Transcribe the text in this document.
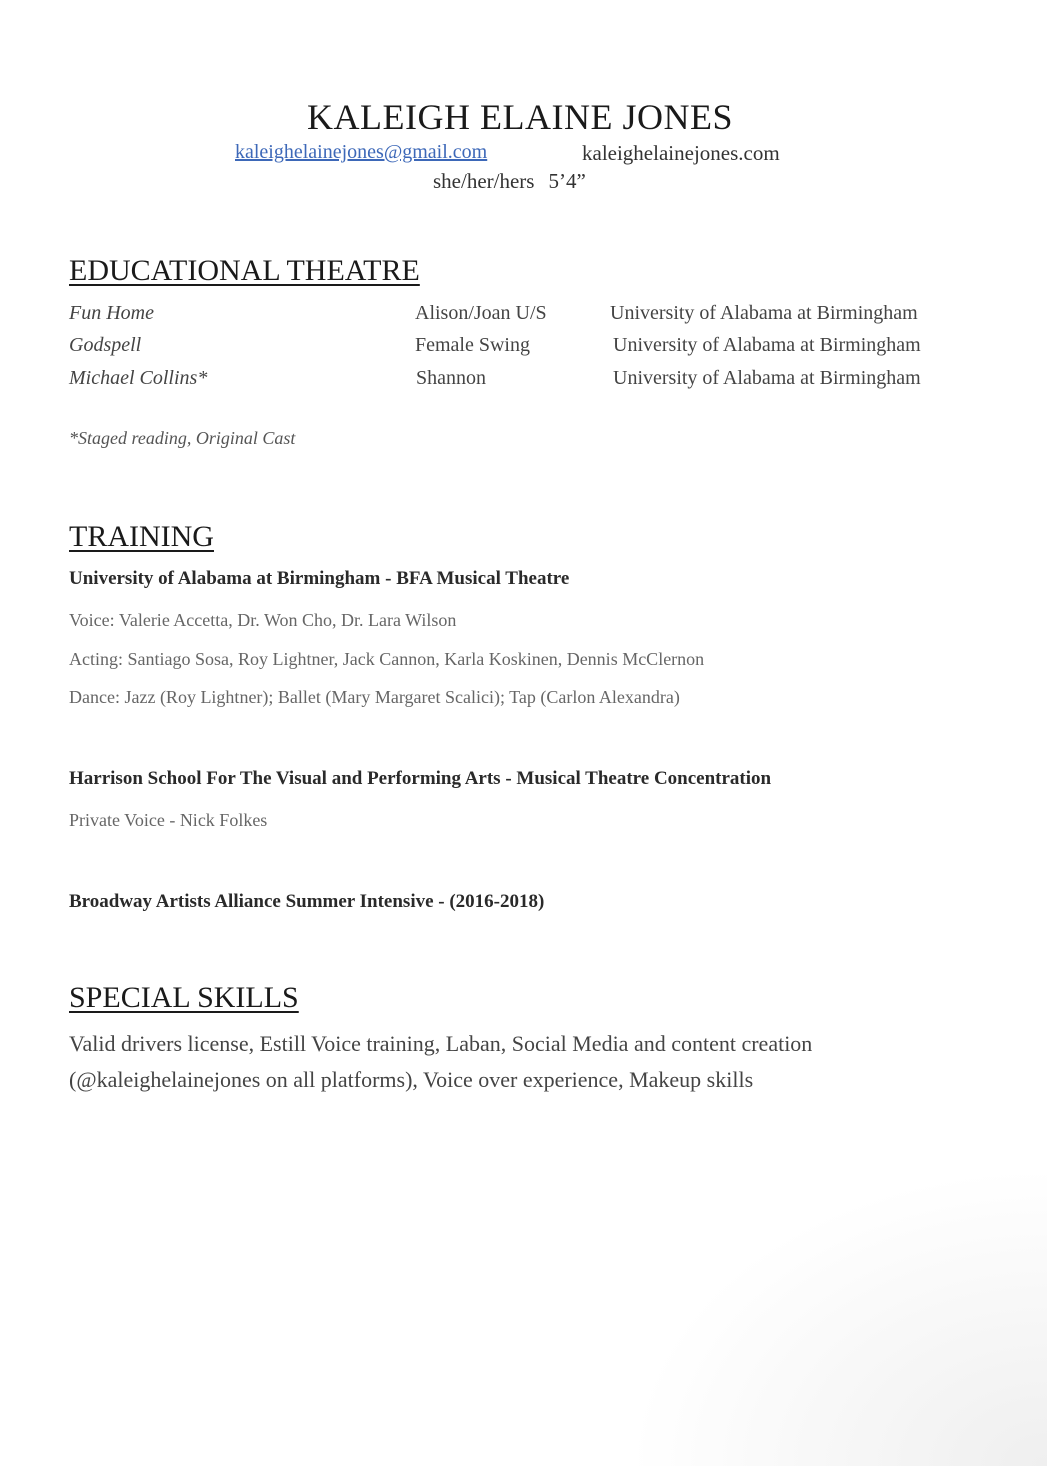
KALEIGH ELAINE JONES
kaleighelainejones@gmail.com	kaleighelainejones.com
she/her/hers 5’4”
EDUCATIONAL THEATRE
Fun Home	Alison/Joan U/S	University of Alabama at Birmingham
Godspell	Female Swing	University of Alabama at Birmingham
Michael Collins*	Shannon	University of Alabama at Birmingham
*Staged reading, Original Cast
TRAINING
University of Alabama at Birmingham - BFA Musical Theatre
Voice: Valerie Accetta, Dr. Won Cho, Dr. Lara Wilson
Acting: Santiago Sosa, Roy Lightner, Jack Cannon, Karla Koskinen, Dennis McClernon
Dance: Jazz (Roy Lightner); Ballet (Mary Margaret Scalici); Tap (Carlon Alexandra)
Harrison School For The Visual and Performing Arts - Musical Theatre Concentration
Private Voice - Nick Folkes
Broadway Artists Alliance Summer Intensive - (2016-2018)
SPECIAL SKILLS

Valid drivers license, Estill Voice training, Laban, Social Media and content creation (@kaleighelainejones on all platforms), Voice over experience, Makeup skills
